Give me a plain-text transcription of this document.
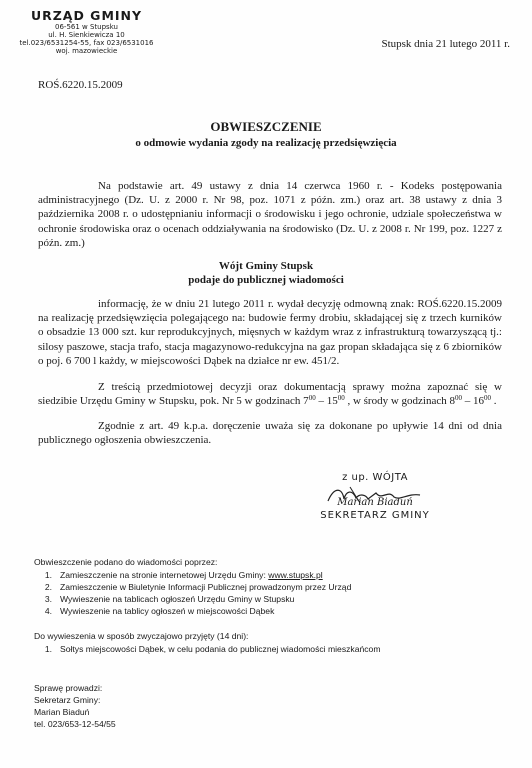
URZĄD GMINY
06-561 w Stupsku
ul. H. Sienkiewicza 10
tel.023/6531254-55, fax 023/6531016
woj. mazowieckie
Stupsk dnia 21 lutego 2011 r.
ROŚ.6220.15.2009
OBWIESZCZENIE
o odmowie wydania zgody na realizację przedsięwzięcia
Na podstawie art. 49 ustawy z dnia 14 czerwca 1960 r. - Kodeks postępowania administracyjnego (Dz. U. z 2000 r. Nr 98, poz. 1071 z późn. zm.) oraz art. 38 ustawy z dnia 3 października 2008 r. o udostępnianiu informacji o środowisku i jego ochronie, udziale społeczeństwa w ochronie środowiska oraz o ocenach oddziaływania na środowisko (Dz. U. z 2008 r. Nr 199, poz. 1227 z późn. zm.)
Wójt Gminy Stupsk
podaje do publicznej wiadomości
informację, że w dniu 21 lutego 2011 r. wydał decyzję odmowną znak: ROŚ.6220.15.2009 na realizację przedsięwzięcia polegającego na: budowie fermy drobiu, składającej się z trzech kurników o obsadzie 13 000 szt. kur reprodukcyjnych, mięsnych w każdym wraz z infrastrukturą towarzyszącą tj.: silosy paszowe, stacja trafo, stacja magazynowo-redukcyjna na gaz propan składająca się z 6 zbiorników o poj. 6 700 l każdy, w miejscowości Dąbek na działce nr ew. 451/2.
Z treścią przedmiotowej decyzji oraz dokumentacją sprawy można zapoznać się w siedzibie Urzędu Gminy w Stupsku, pok. Nr 5 w godzinach $7^{00} - 15^{00}$ , w środy w godzinach $8^{00} - 16^{00}$ .
Zgodnie z art. 49 k.p.a. doręczenie uważa się za dokonane po upływie 14 dni od dnia publicznego ogłoszenia obwieszczenia.
z up. WÓJTA
Marian Biaduń
SEKRETARZ GMINY
Obwieszczenie podano do wiadomości poprzez:
1. Zamieszczenie na stronie internetowej Urzędu Gminy: www.stupsk.pl
2. Zamieszczenie w Biuletynie Informacji Publicznej prowadzonym przez Urząd
3. Wywieszenie na tablicach ogłoszeń Urzędu Gminy w Stupsku
4. Wywieszenie na tablicy ogłoszeń w miejscowości Dąbek
Do wywieszenia w sposób zwyczajowo przyjęty (14 dni):
1. Sołtys miejscowości Dąbek, w celu podania do publicznej wiadomości mieszkańcom
Sprawę prowadzi:
Sekretarz Gminy:
Marian Biaduń
tel. 023/653-12-54/55
